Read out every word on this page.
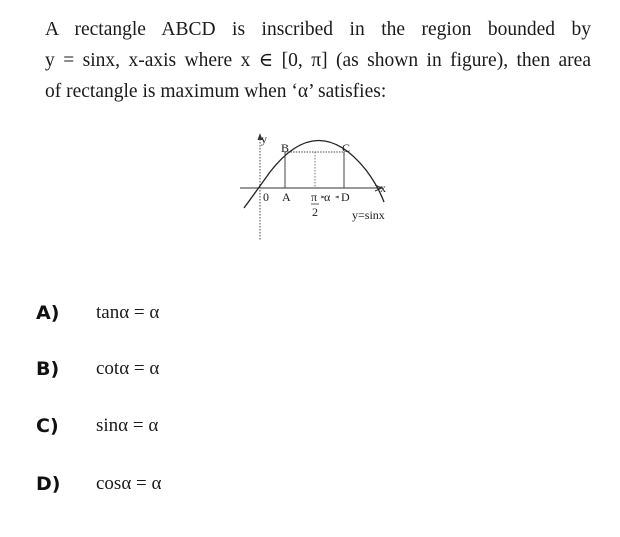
A rectangle ABCD is inscribed in the region bounded by
y = sinx, x-axis where x ∈ [0, π] (as shown in figure), then area
of rectangle is maximum when ‘α’ satisfies:
y
B	C
x
0 A π
2
α D
y=sinx
A)	tanα = α
B)	cotα = α
C)	sinα = α
D)	cosα = α
